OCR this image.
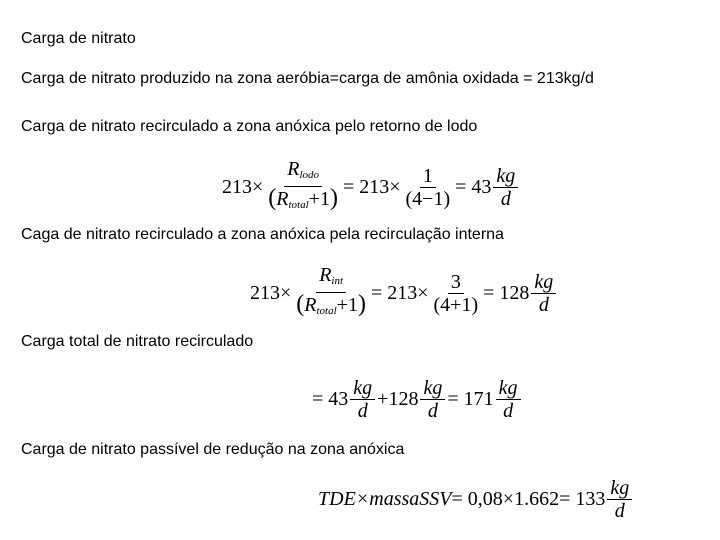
Carga de nitrato
Carga de nitrato produzido na zona aeróbia=carga de amônia oxidada = 213kg/d
Carga de nitrato recirculado a zona anóxica pelo retorno de lodo
$213\times \frac{R_{lodo}}{(R_{total}+1)} = 213\times \frac{1}{(4-1)} = 43 \frac{kg}{d}$
Caga de nitrato recirculado a zona anóxica pela recirculação interna
$213\times \frac{R_{int}}{(R_{total}+1)} = 213\times \frac{3}{(4+1)} = 128 \frac{kg}{d}$
Carga total de nitrato recirculado
= $43 \frac{kg}{d} +128 \frac{kg}{d} = 171 \frac{kg}{d}$
Carga de nitrato passível de redução na zona anóxica
TDE×massaSSV = $0,08\times 1.662 = 133 \frac{kg}{d}$
